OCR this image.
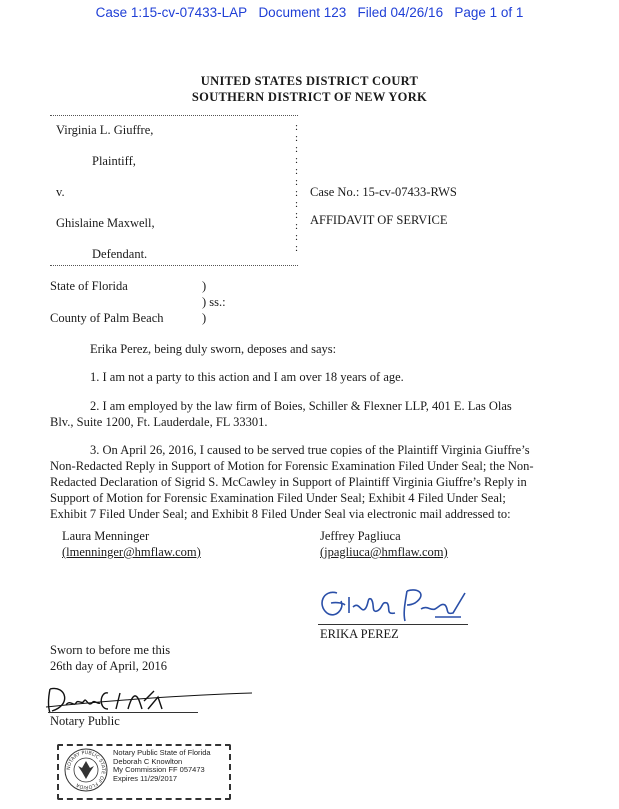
Case 1:15-cv-07433-LAP Document 123 Filed 04/26/16 Page 1 of 1
UNITED STATES DISTRICT COURT
SOUTHERN DISTRICT OF NEW YORK
:
:
:
:
:
:
:
:
:
:
:
:
Virginia L. Giuffre,
Plaintiff,
v.
Ghislaine Maxwell,
Defendant.
Case No.: 15-cv-07433-RWS
AFFIDAVIT OF SERVICE
State of Florida	)
) ss.:
County of Palm Beach	)
Erika Perez, being duly sworn, deposes and says:
1. I am not a party to this action and I am over 18 years of age.
2. I am employed by the law firm of Boies, Schiller & Flexner LLP, 401 E. Las Olas
Blv., Suite 1200, Ft. Lauderdale, FL 33301.
3. On April 26, 2016, I caused to be served true copies of the Plaintiff Virginia Giuffre’s
Non-Redacted Reply in Support of Motion for Forensic Examination Filed Under Seal; the Non-
Redacted Declaration of Sigrid S. McCawley in Support of Plaintiff Virginia Giuffre’s Reply in
Support of Motion for Forensic Examination Filed Under Seal; Exhibit 4 Filed Under Seal;
Exhibit 7 Filed Under Seal; and Exhibit 8 Filed Under Seal via electronic mail addressed to:
Laura Menninger
(lmenninger@hmflaw.com)
Jeffrey Pagliuca
(jpagliuca@hmflaw.com)
ERIKA PEREZ
Sworn to before me this
26th day of April, 2016
Notary Public
NOTARY PUBLIC STATE OF FLORIDA
Notary Public State of Florida
Deborah C Knowlton
My Commission FF 057473
Expires 11/29/2017
